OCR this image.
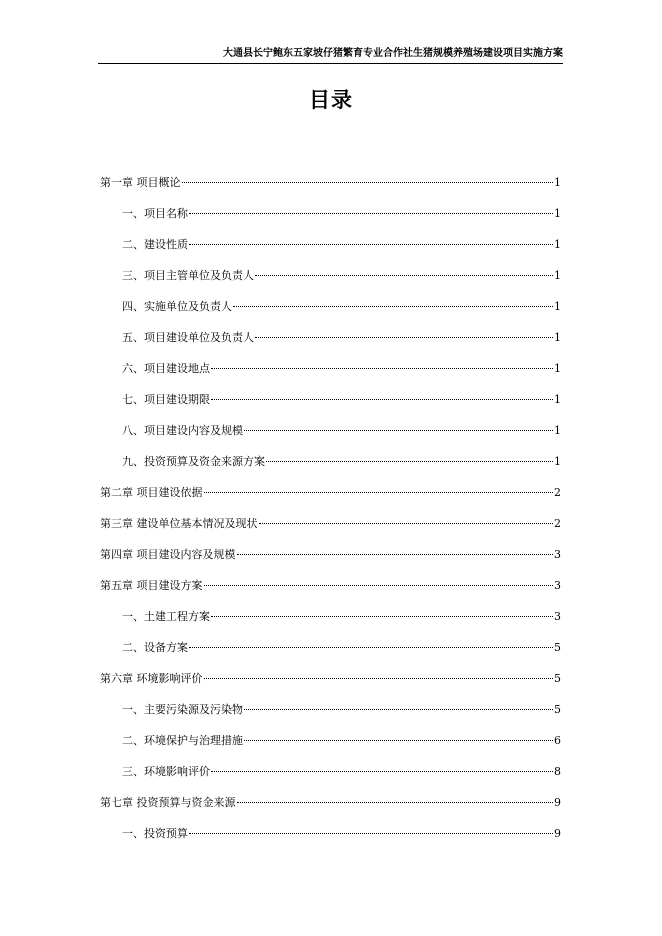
大通县长宁鲍东五家坡仔猪繁育专业合作社生猪规模养殖场建设项目实施方案
目录
第一章 项目概论	1
一、项目名称	1
二、建设性质	1
三、项目主管单位及负责人	1
四、实施单位及负责人	1
五、项目建设单位及负责人	1
六、项目建设地点	1
七、项目建设期限	1
八、项目建设内容及规模	1
九、投资预算及资金来源方案	1
第二章 项目建设依据	2
第三章 建设单位基本情况及现状	2
第四章 项目建设内容及规模	3
第五章 项目建设方案	3
一、土建工程方案	3
二、设备方案	5
第六章 环境影响评价	5
一、主要污染源及污染物	5
二、环境保护与治理措施	6
三、环境影响评价	8
第七章 投资预算与资金来源	9
一、投资预算	9
